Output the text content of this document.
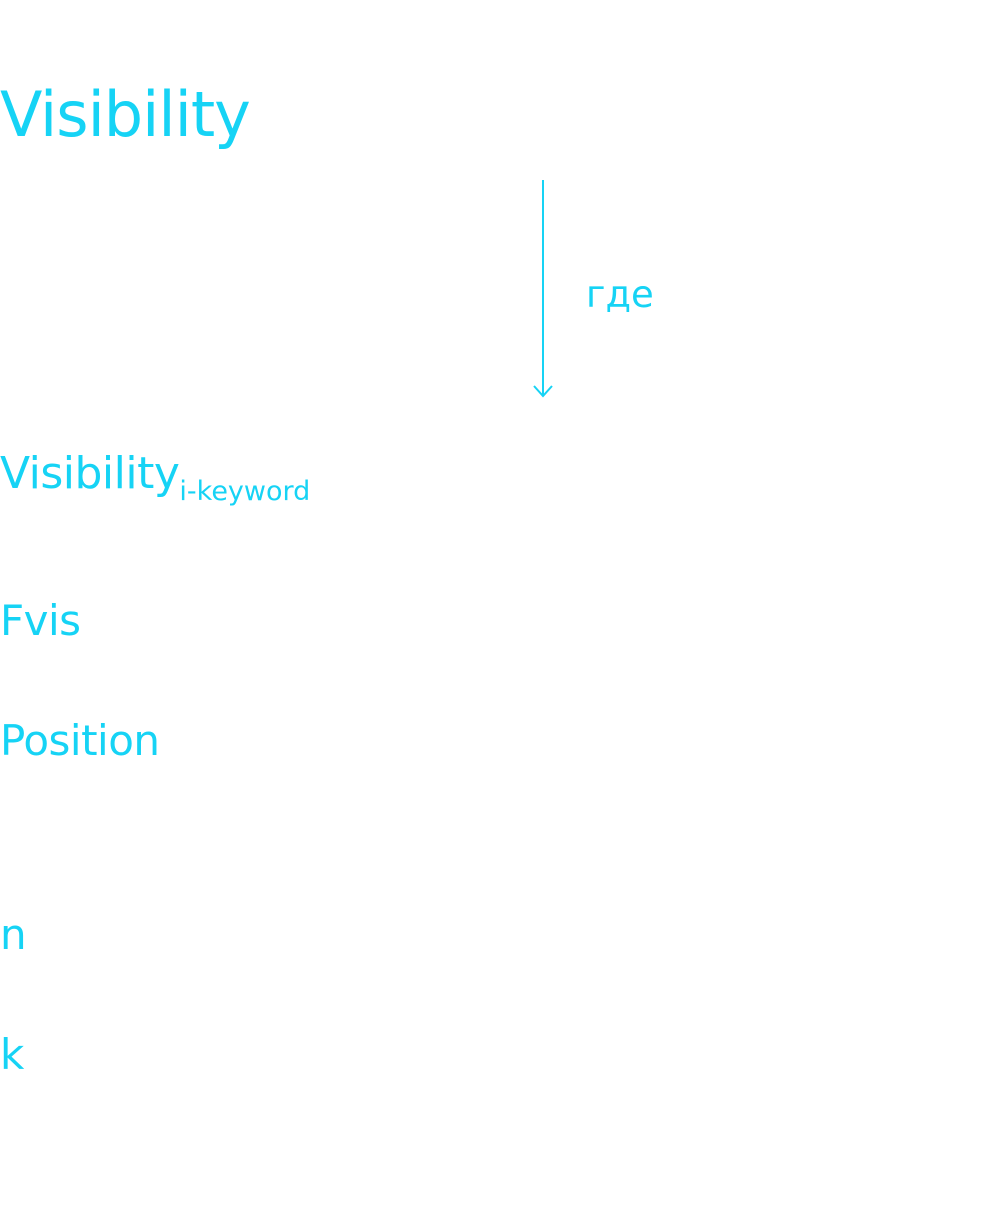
Visibility

где

Visibility$_{i-keyword}$

Fvis

Position

n

k
